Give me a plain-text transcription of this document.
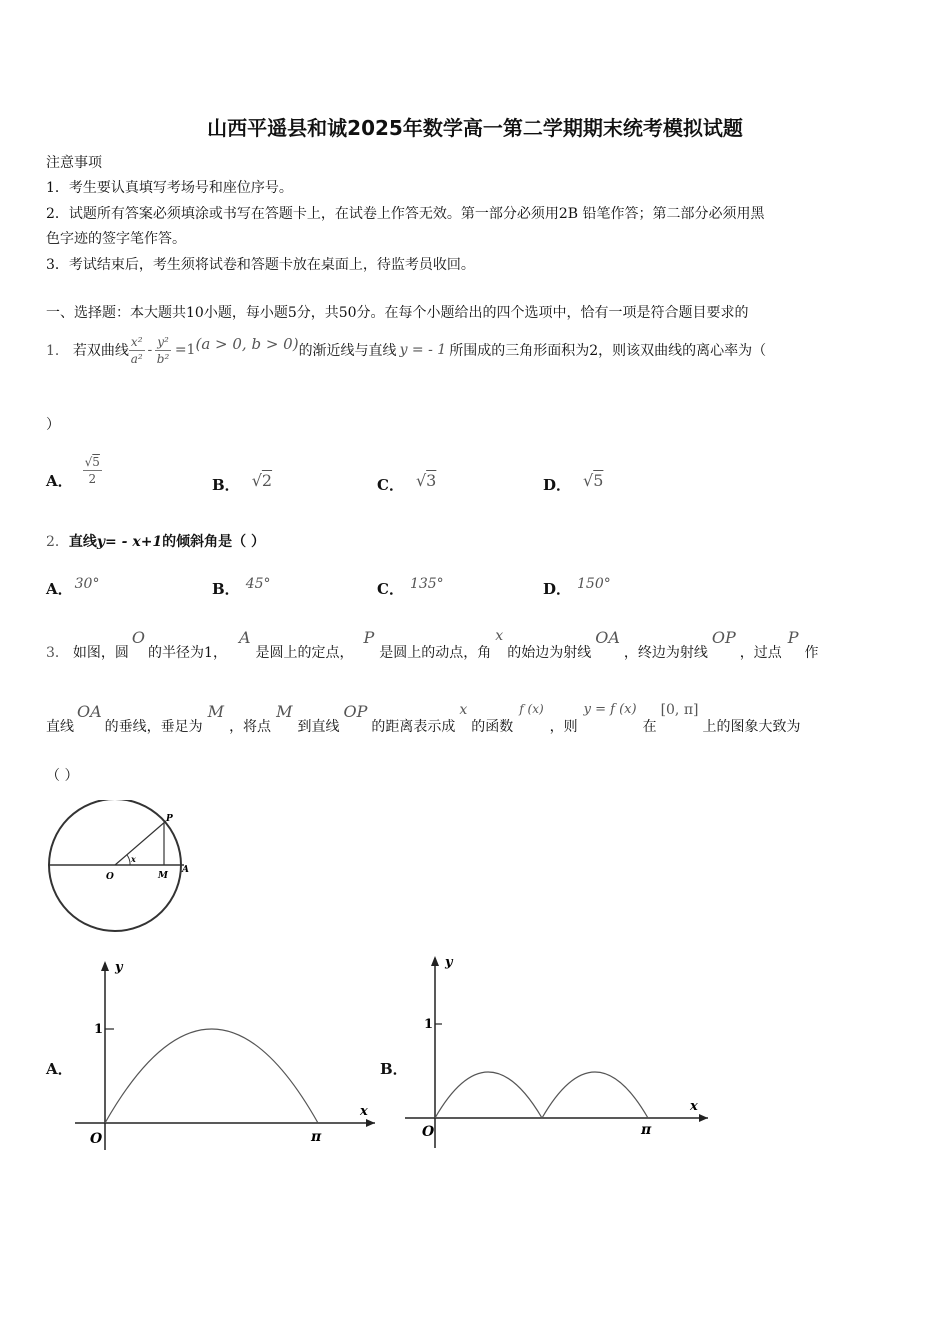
山西平遥县和诚2025年数学高一第二学期期末统考模拟试题
注意事项
1．考生要认真填写考场号和座位序号。
2．试题所有答案必须填涂或书写在答题卡上，在试卷上作答无效。第一部分必须用2B 铅笔作答；第二部分必须用黑
色字迹的签字笔作答。
3．考试结束后，考生须将试卷和答题卡放在桌面上，待监考员收回。
一、选择题：本大题共10小题，每小题5分，共50分。在每个小题给出的四个选项中，恰有一项是符合题目要求的
1． 若双曲线 $\frac{\text{x²}}{\text{a²}} - \frac{\text{y²}}{\text{b²}} =1$ (a > 0, b > 0) 的渐近线与直线 y = - 1 所围成的三角形面积为2，则该双曲线的离心率为（
）
A． $\frac{√5}{2}$	B． √2	C． √3	D． √5
2．直线y= - x+1的倾斜角是（ ）
A． 30°	B． 45°	C． 135°	D． 150°
3． 如图，圆
O
的半径为1，
A
是圆上的定点，
P
是圆上的动点，角
x
的始边为射线
OA
，终边为射线
OP
，过点
P
作
直线
OA
的垂线，垂足为
M
，将点
M
到直线
OP
的距离表示成
x
的函数
f (x)
，则
y = f (x)
在
[0, π]
上的图象大致为
（ ）
O	M
A
P
x
A．
y
x
1
O	π
B．
y
x
1
O	π
